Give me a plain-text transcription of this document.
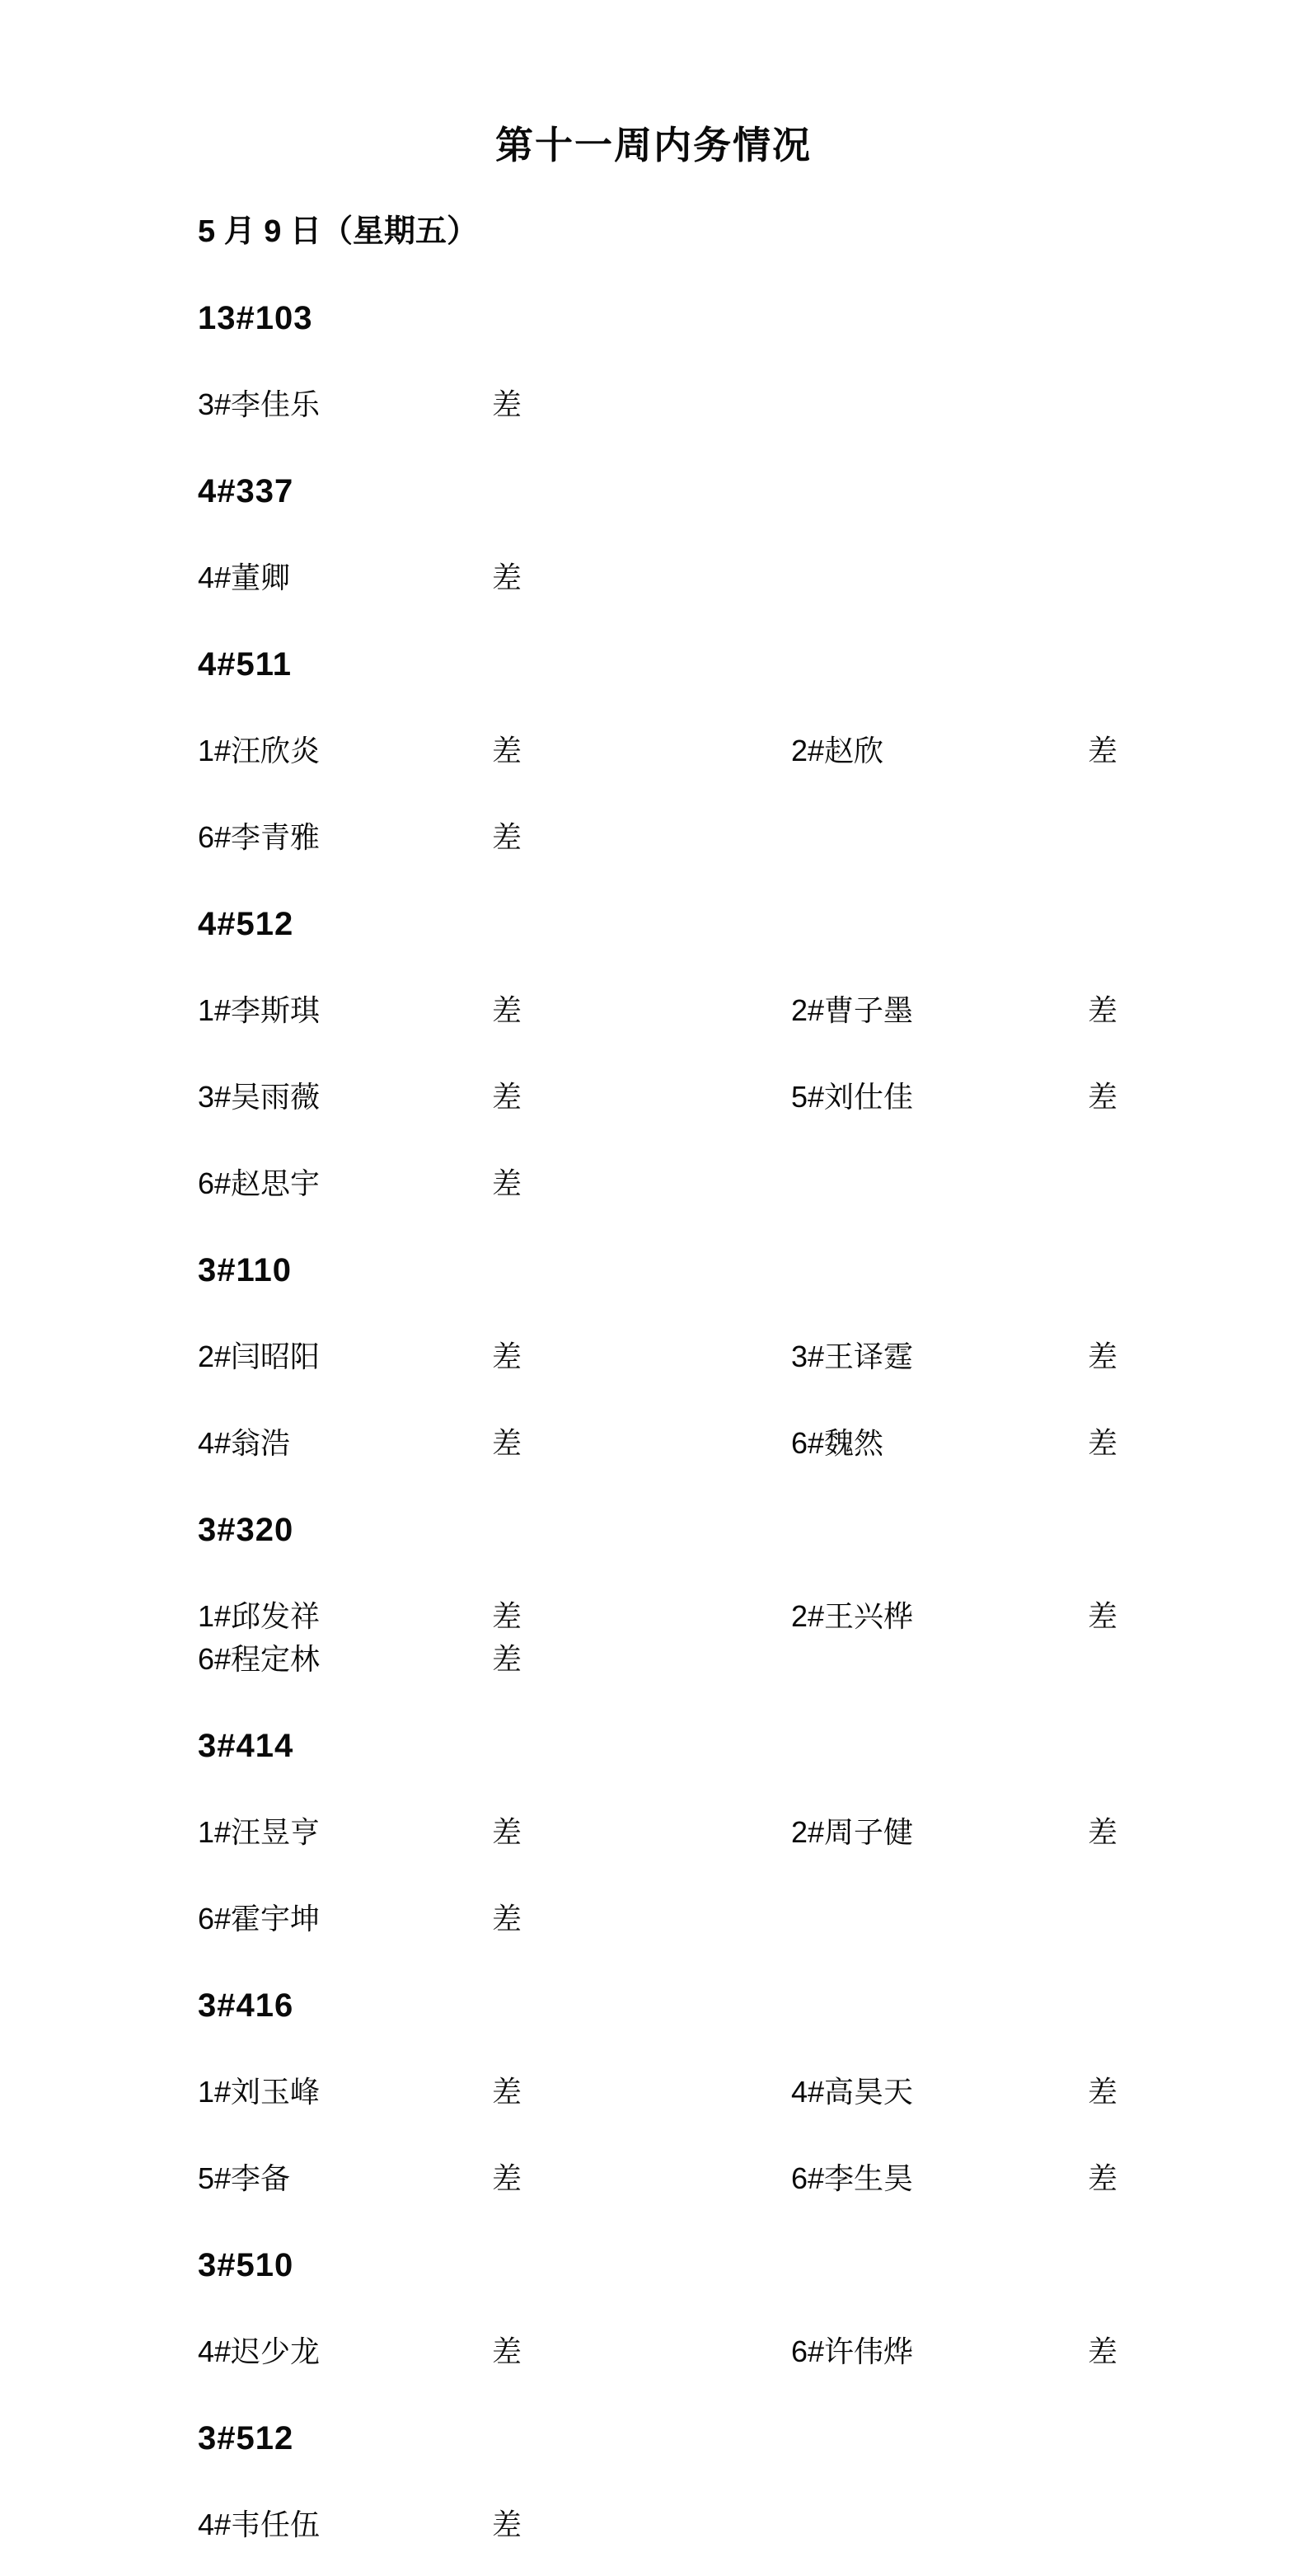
第十一周内务情况

5 月 9 日（星期五）

13#103
3#李佳乐	差
4#337
4#董卿	差
4#511
1#汪欣炎	差	2#赵欣	差
6#李青雅	差
4#512
1#李斯琪	差	2#曹子墨	差
3#吴雨薇	差	5#刘仕佳	差
6#赵思宇	差
3#110
2#闫昭阳	差	3#王译霆	差
4#翁浩	差	6#魏然	差
3#320
1#邱发祥	差	2#王兴桦	差
6#程定林	差
3#414
1#汪昱亨	差	2#周子健	差
6#霍宇坤	差
3#416
1#刘玉峰	差	4#高昊天	差
5#李备	差	6#李生昊	差
3#510
4#迟少龙	差	6#许伟烨	差
3#512
4#韦任伍	差
